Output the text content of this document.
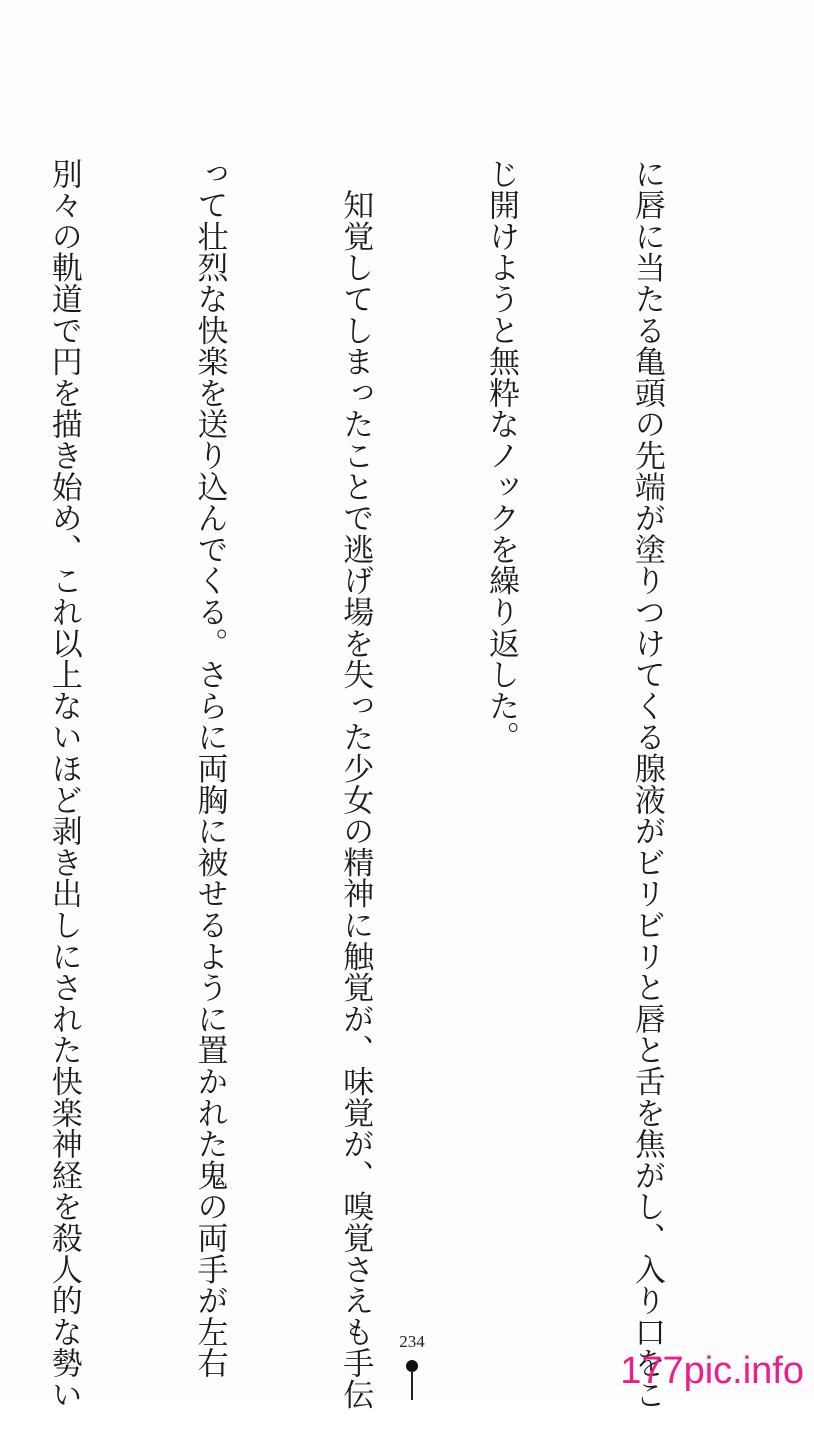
に唇に当たる亀頭の先端が塗りつけてくる腺液がビリビリと唇と舌を焦がし、入り口をこ

じ開けようと無粋なノックを繰り返した。

　知覚してしまったことで逃げ場を失った少女の精神に触覚が、味覚が、嗅覚さえも手伝

って壮烈な快楽を送り込んでくる。さらに両胸に被せるように置かれた鬼の両手が左右

別々の軌道で円を描き始め、これ以上ないほど剥き出しにされた快楽神経を殺人的な勢い

	234
177pic.info
